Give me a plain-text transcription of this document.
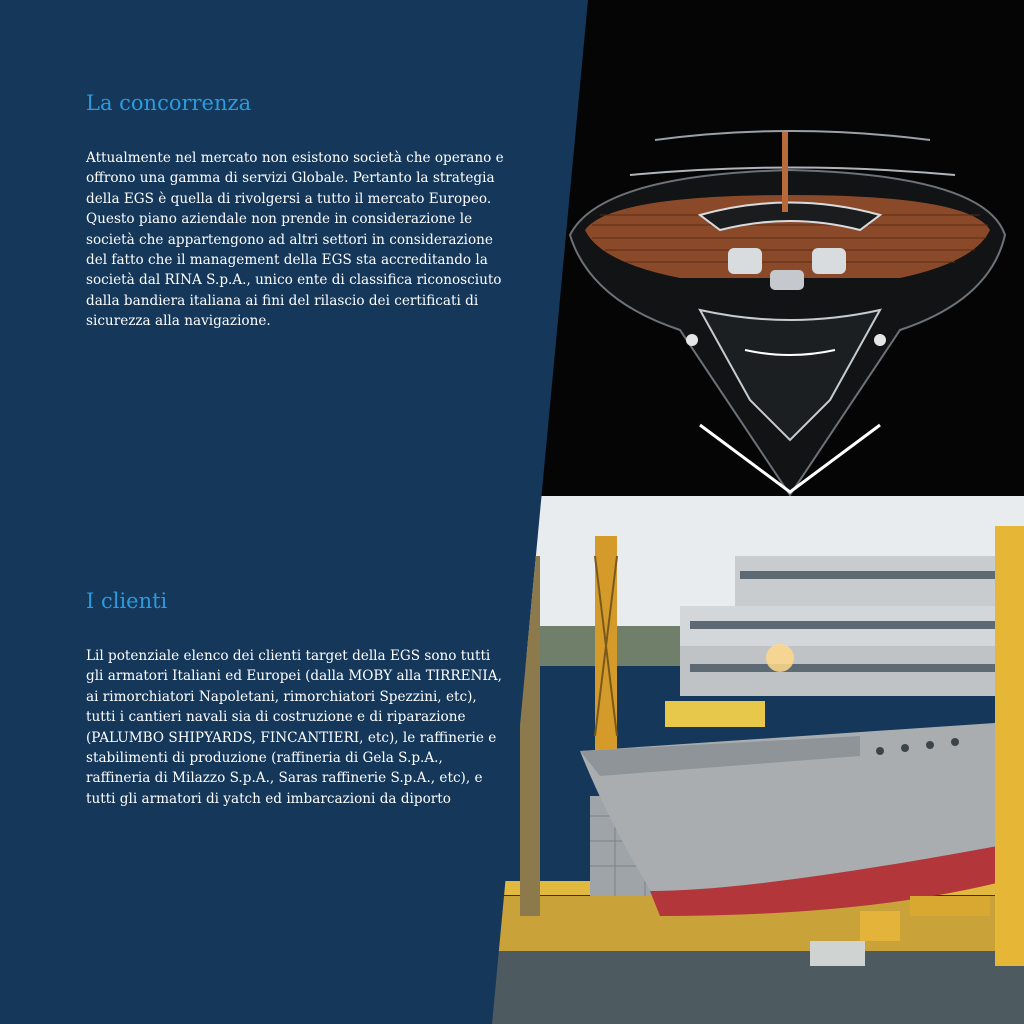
La concorrenza

Attualmente nel mercato non esistono società che operano e offrono una gamma di servizi Globale. Pertanto la strategia della EGS è quella di rivolgersi a tutto il mercato Europeo. Questo piano aziendale non prende in considerazione le società che appartengono ad altri settori in considerazione del fatto che il management della EGS sta accreditando la società dal RINA S.p.A., unico ente di classifica riconosciuto dalla bandiera italiana ai fini del rilascio dei certificati di sicurezza alla navigazione.

I clienti

Lil potenziale elenco dei clienti target della EGS sono tutti gli armatori Italiani ed Europei (dalla MOBY alla TIRRENIA, ai rimorchiatori Napoletani, rimorchiatori Spezzini, etc), tutti i cantieri navali sia di costruzione e di riparazione (PALUMBO SHIPYARDS, FINCANTIERI, etc), le raffinerie e stabilimenti di produzione (raffineria di Gela S.p.A., raffineria di Milazzo S.p.A., Saras raffinerie S.p.A., etc), e tutti gli armatori di yatch ed imbarcazioni da diporto
